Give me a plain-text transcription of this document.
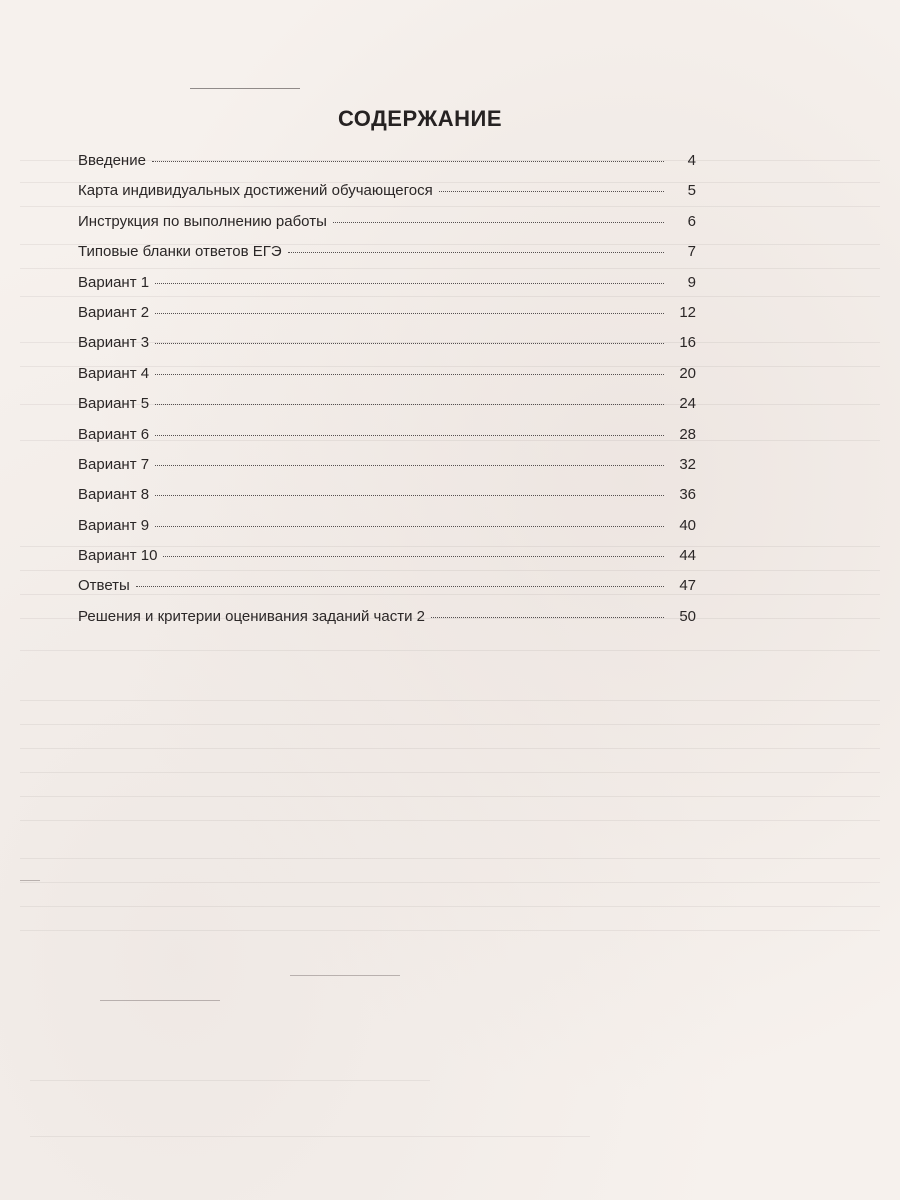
СОДЕРЖАНИЕ
Введение	4
Карта индивидуальных достижений обучающегося	5
Инструкция по выполнению работы	6
Типовые бланки ответов ЕГЭ	7
Вариант 1	9
Вариант 2	12
Вариант 3	16
Вариант 4	20
Вариант 5	24
Вариант 6	28
Вариант 7	32
Вариант 8	36
Вариант 9	40
Вариант 10	44
Ответы	47
Решения и критерии оценивания заданий части 2	50
